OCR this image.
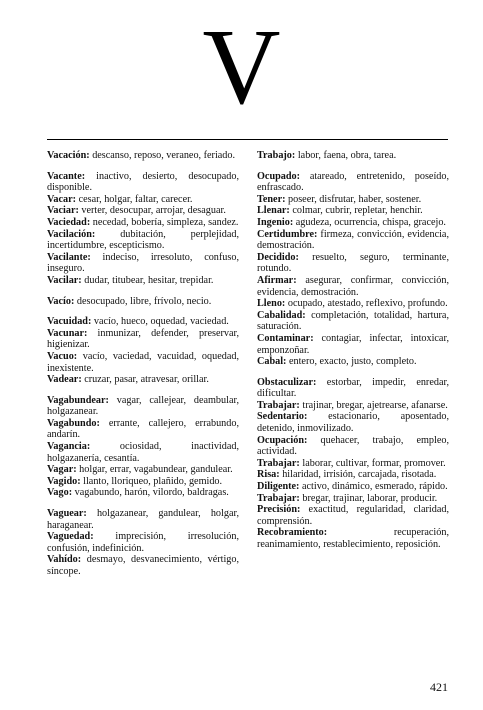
V
Vacación: descanso, reposo, veraneo, feriado.
Vacante: inactivo, desierto, desocupado, disponible.
Vacar: cesar, holgar, faltar, carecer.
Vaciar: verter, desocupar, arrojar, desaguar.
Vaciedad: necedad, bobería, simpleza, sandez.
Vacilación: dubitación, perplejidad, incertidumbre, escepticismo.
Vacilante: indeciso, irresoluto, confuso, inseguro.
Vacilar: dudar, titubear, hesitar, trepidar.
Vacío: desocupado, libre, frívolo, necio.
Vacuidad: vacío, hueco, oquedad, vaciedad.
Vacunar: inmunizar, defender, preservar, higienizar.
Vacuo: vacío, vaciedad, vacuidad, oquedad, inexistente.
Vadear: cruzar, pasar, atravesar, orillar.
Vagabundear: vagar, callejear, deambular, holgazanear.
Vagabundo: errante, callejero, errabundo, andarín.
Vagancia:	ociosidad, inactividad, holgazanería, cesantía.
Vagar: holgar, errar, vagabundear, gandulear.
Vagido: llanto, lloriqueo, plañido, gemido.
Vago: vagabundo, harón, vilordo, baldragas.
Vaguear: holgazanear, gandulear, holgar, haraganear.
Vaguedad: imprecisión, irresolución, confusión, indefinición.
Vahído: desmayo, desvanecimiento, vértigo, síncope.
Trabajo: labor, faena, obra, tarea.
Ocupado: atareado, entretenido, poseído, enfrascado.
Tener: poseer, disfrutar, haber, sostener.
Llenar: colmar, cubrir, repletar, henchir.
Ingenio: agudeza, ocurrencia, chispa, gracejo.
Certidumbre: firmeza, convicción, evidencia, demostración.
Decidido: resuelto, seguro, terminante, rotundo.
Afirmar: asegurar, confirmar, convicción, evidencia, demostración.
Lleno: ocupado, atestado, reflexivo, profundo.
Cabalidad: completación, totalidad, hartura, saturación.
Contaminar: contagiar, infectar, intoxicar, emponzoñar.
Cabal: entero, exacto, justo, completo.
Obstaculizar: estorbar, impedir, enredar, dificultar.
Trabajar: trajinar, bregar, ajetrearse, afanarse.
Sedentario: estacionario, aposentado, detenido, inmovilizado.
Ocupación: quehacer, trabajo, empleo, actividad.
Trabajar: laborar, cultivar, formar, promover.
Risa: hilaridad, irrisión, carcajada, risotada.
Diligente: activo, dinámico, esmerado, rápido.
Trabajar: bregar, trajinar, laborar, producir.
Precisión: exactitud, regularidad, claridad, comprensión.
Recobramiento:	recuperación, reanimamiento, restablecimiento, reposición.
421
